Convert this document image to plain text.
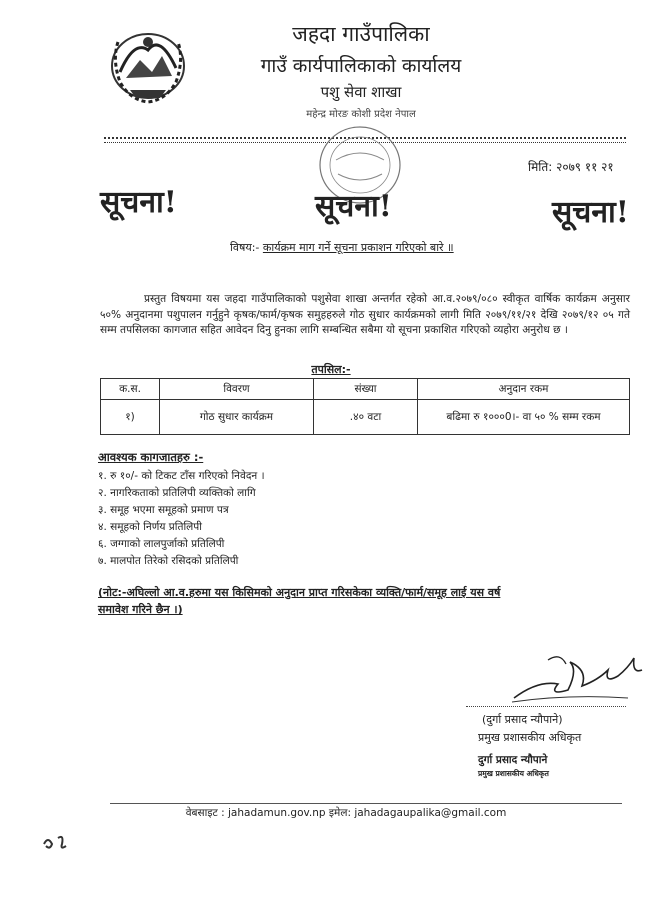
जहदा गाउँपालिका
गाउँ कार्यपालिकाको कार्यालय
पशु सेवा शाखा
महेन्द्र मोरङ कोशी प्रदेश नेपाल
मिति: २०७९ ११ २१
सूचना!	सूचना!	सूचना!
विषय:- कार्यक्रम माग गर्ने सूचना प्रकाशन गरिएको बारे ॥
प्रस्तुत विषयमा यस जहदा गाउँपालिकाको पशुसेवा शाखा अन्तर्गत रहेको आ.व.२०७९/०८० स्वीकृत वार्षिक कार्यक्रम अनुसार ५०% अनुदानमा पशुपालन गर्नुहुने कृषक/फार्म/कृषक समुहहरुले गोठ सुधार कार्यक्रमको लागी मिति २०७९/११/२१ देखि २०७९/१२ ०५ गते सम्म तपसिलका कागजात सहित आवेदन दिनु हुनका लागि सम्बन्धित सबैमा यो सूचना प्रकाशित गरिएको व्यहोरा अनुरोध छ ।
तपसिल:-
क.स.	विवरण	संख्या	अनुदान रकम
१)	गोठ सुधार कार्यक्रम	.४० वटा	बढिमा रु १०००0।- वा ५० % सम्म रकम
आवश्यक कागजातहरु :-
१. रु १०/- को टिकट टाँस गरिएको निवेदन ।
२. नागरिकताको प्रतिलिपी व्यक्तिको लागि
३. समूह भएमा समूहको प्रमाण पत्र
४. समूहको निर्णय प्रतिलिपी
६. जग्गाको लालपुर्जाको प्रतिलिपी
७. मालपोत तिरेको रसिदको प्रतिलिपी
(नोट:-अघिल्लो आ.व.हरुमा यस किसिमको अनुदान प्राप्त गरिसकेका व्यक्ति/फार्म/समूह लाई यस वर्ष
समावेश गरिने छैन ।)
(दुर्गा प्रसाद न्यौपाने)
प्रमुख प्रशासकीय अधिकृत
दुर्गा प्रसाद न्यौपाने
प्रमुख प्रशासकीय अधिकृत
वेबसाइट : jahadamun.gov.np इमेल: jahadagaupalika@gmail.com
